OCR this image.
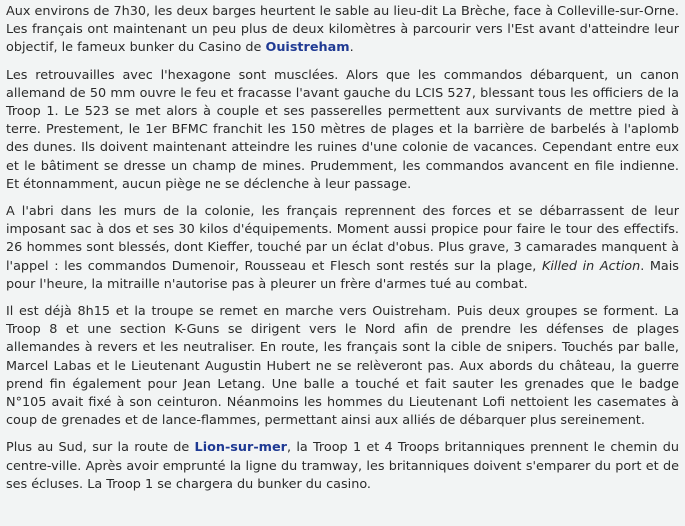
Aux environs de 7h30, les deux barges heurtent le sable au lieu-dit La Brèche, face à Colleville-sur-Orne. Les français ont maintenant un peu plus de deux kilomètres à parcourir vers l'Est avant d'atteindre leur objectif, le fameux bunker du Casino de Ouistreham.

Les retrouvailles avec l'hexagone sont musclées. Alors que les commandos débarquent, un canon allemand de 50 mm ouvre le feu et fracasse l'avant gauche du LCIS 527, blessant tous les officiers de la Troop 1. Le 523 se met alors à couple et ses passerelles permettent aux survivants de mettre pied à terre. Prestement, le 1er BFMC franchit les 150 mètres de plages et la barrière de barbelés à l'aplomb des dunes. Ils doivent maintenant atteindre les ruines d'une colonie de vacances. Cependant entre eux et le bâtiment se dresse un champ de mines. Prudemment, les commandos avancent en file indienne. Et étonnamment, aucun piège ne se déclenche à leur passage.

A l'abri dans les murs de la colonie, les français reprennent des forces et se débarrassent de leur imposant sac à dos et ses 30 kilos d'équipements. Moment aussi propice pour faire le tour des effectifs. 26 hommes sont blessés, dont Kieffer, touché par un éclat d'obus. Plus grave, 3 camarades manquent à l'appel : les commandos Dumenoir, Rousseau et Flesch sont restés sur la plage, Killed in Action. Mais pour l'heure, la mitraille n'autorise pas à pleurer un frère d'armes tué au combat.

Il est déjà 8h15 et la troupe se remet en marche vers Ouistreham. Puis deux groupes se forment. La Troop 8 et une section K-Guns se dirigent vers le Nord afin de prendre les défenses de plages allemandes à revers et les neutraliser. En route, les français sont la cible de snipers. Touchés par balle, Marcel Labas et le Lieutenant Augustin Hubert ne se relèveront pas. Aux abords du château, la guerre prend fin également pour Jean Letang. Une balle a touché et fait sauter les grenades que le badge N°105 avait fixé à son ceinturon. Néanmoins les hommes du Lieutenant Lofi nettoient les casemates à coup de grenades et de lance-flammes, permettant ainsi aux alliés de débarquer plus sereinement.

Plus au Sud, sur la route de Lion-sur-mer, la Troop 1 et 4 Troops britanniques prennent le chemin du centre-ville. Après avoir emprunté la ligne du tramway, les britanniques doivent s'emparer du port et de ses écluses. La Troop 1 se chargera du bunker du casino.
